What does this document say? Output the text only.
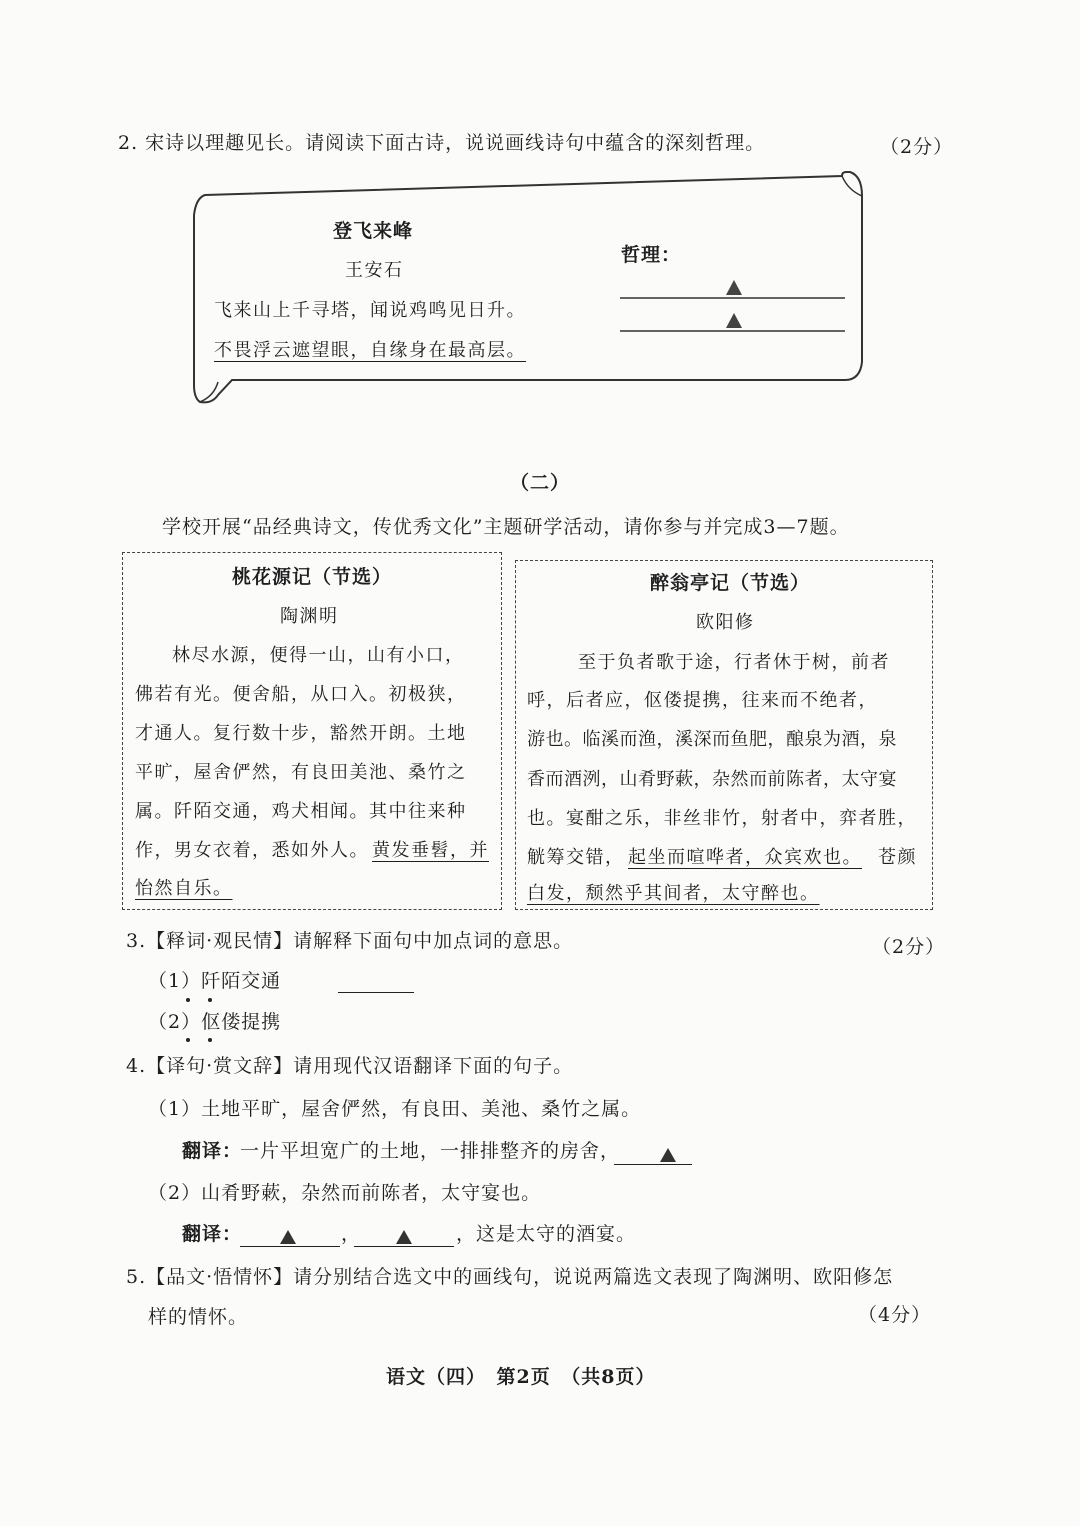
2. 宋诗以理趣见长。请阅读下面古诗，说说画线诗句中蕴含的深刻哲理。	（2分）
登飞来峰
王安石
飞来山上千寻塔，闻说鸡鸣见日升。
不畏浮云遮望眼，自缘身在最高层。
哲理：
（二）
学校开展“品经典诗文，传优秀文化”主题研学活动，请你参与并完成3—7题。
桃花源记（节选）
陶渊明
林尽水源，便得一山，山有小口，
佛若有光。便舍船，从口入。初极狭，
才通人。复行数十步，豁然开朗。土地
平旷，屋舍俨然，有良田美池、桑竹之
属。阡陌交通，鸡犬相闻。其中往来种
作，男女衣着，悉如外人。 黄发垂髫，并
怡然自乐。
醉翁亭记（节选）
欧阳修
至于负者歌于途，行者休于树，前者
呼，后者应，伛偻提携，往来而不绝者，
游也。临溪而渔，溪深而鱼肥，酿泉为酒，泉
香而酒洌，山肴野蔌，杂然而前陈者，太守宴
也。宴酣之乐，非丝非竹，射者中，弈者胜，
觥筹交错， 起坐而喧哗者，众宾欢也。 苍颜
白发，颓然乎其间者，太守醉也。
3.【释词·观民情】请解释下面句中加点词的意思。	（2分）
（1）阡陌交通
（2）伛偻提携
4.【译句·赏文辞】请用现代汉语翻译下面的句子。
（1）土地平旷，屋舍俨然，有良田、美池、桑竹之属。
翻译：
一片平坦宽广的土地，一排排整齐的房舍，
（2）山肴野蔌，杂然而前陈者，太守宴也。
翻译：	，	，这是太守的酒宴。
5.【品文·悟情怀】请分别结合选文中的画线句，说说两篇选文表现了陶渊明、欧阳修怎
样的情怀。	（4分）
语文（四）　第2页　（共8页）
